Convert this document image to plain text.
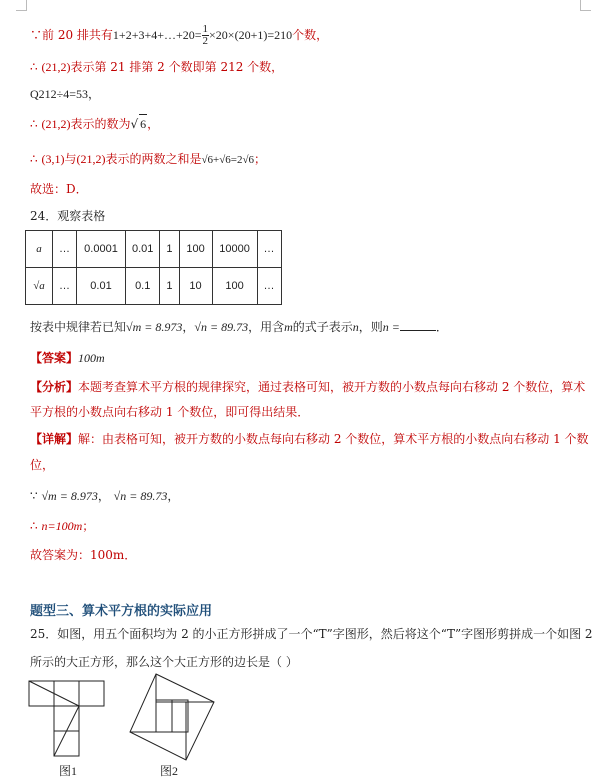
∵前 20 排共有1+2+3+4+…+20= $\frac{1}{2} \times 20\times(20+1)=210$个数，
∴ (21,2)表示第 21 排第 2 个数即第 212 个数，
Q212÷4=53，
∴ (21,2)表示的数为√ 6，
∴ (3,1)与(21,2)表示的两数之和是√6+√6=2√6；
故选：D．
24．观察表格
a	…	0.0001	0.01	1	100	10000	…
√a	…	0.01	0.1	1	10	100	…
按表中规律若已知√m = 8.973，√n = 89.73，用含m的式子表示n，则n =	．
【答案】100m
【分析】本题考查算术平方根的规律探究，通过表格可知，被开方数的小数点每向右移动 2 个数位，算术
平方根的小数点向右移动 1 个数位，即可得出结果．
【详解】解：由表格可知，被开方数的小数点每向右移动 2 个数位，算术平方根的小数点向右移动 1 个数
位，
∵ √m = 8.973， √n = 89.73，
∴ n=100m；
故答案为：100m．
题型三、算术平方根的实际应用
25．如图，用五个面积均为 2 的小正方形拼成了一个“T”字图形，然后将这个“T”字图形剪拼成一个如图 2
所示的大正方形，那么这个大正方形的边长是（ ）
图1	图2
